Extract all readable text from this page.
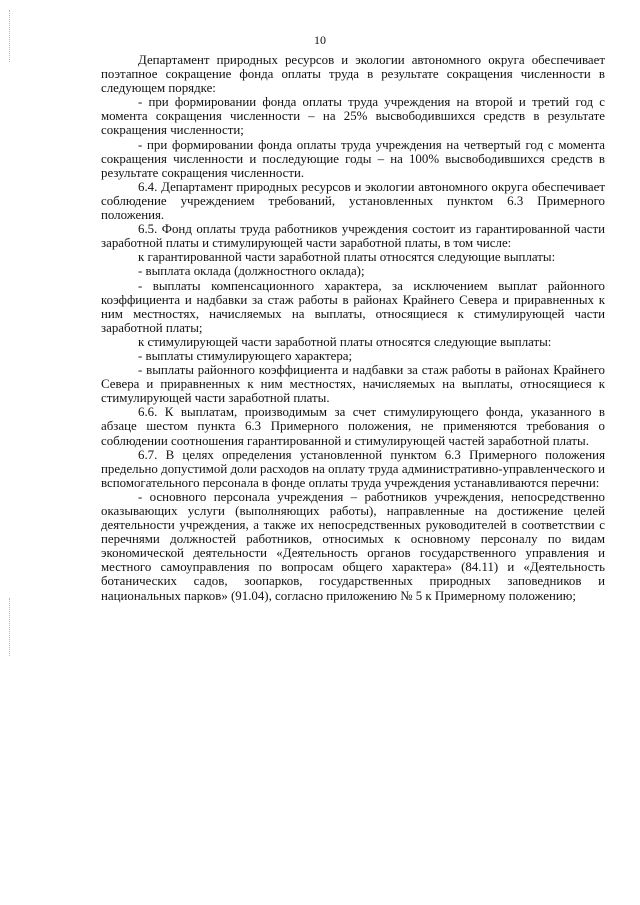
10

Департамент природных ресурсов и экологии автономного округа обеспечивает поэтапное сокращение фонда оплаты труда в результате сокращения численности в следующем порядке:

- при формировании фонда оплаты труда учреждения на второй и третий год с момента сокращения численности – на 25% высвободившихся средств в результате сокращения численности;

- при формировании фонда оплаты труда учреждения на четвертый год с момента сокращения численности и последующие годы – на 100% высвободившихся средств в результате сокращения численности.

6.4. Департамент природных ресурсов и экологии автономного округа обеспечивает соблюдение учреждением требований, установленных пунктом 6.3 Примерного положения.

6.5. Фонд оплаты труда работников учреждения состоит из гарантированной части заработной платы и стимулирующей части заработной платы, в том числе:

к гарантированной части заработной платы относятся следующие выплаты:

- выплата оклада (должностного оклада);

- выплаты компенсационного характера, за исключением выплат районного коэффициента и надбавки за стаж работы в районах Крайнего Севера и приравненных к ним местностях, начисляемых на выплаты, относящиеся к стимулирующей части заработной платы;

к стимулирующей части заработной платы относятся следующие выплаты:

- выплаты стимулирующего характера;

- выплаты районного коэффициента и надбавки за стаж работы в районах Крайнего Севера и приравненных к ним местностях, начисляемых на выплаты, относящиеся к стимулирующей части заработной платы.

6.6. К выплатам, производимым за счет стимулирующего фонда, указанного в абзаце шестом пункта 6.3 Примерного положения, не применяются требования о соблюдении соотношения гарантированной и стимулирующей частей заработной платы.

6.7. В целях определения установленной пунктом 6.3 Примерного положения предельно допустимой доли расходов на оплату труда административно-управленческого и вспомогательного персонала в фонде оплаты труда учреждения устанавливаются перечни:

- основного персонала учреждения – работников учреждения, непосредственно оказывающих услуги (выполняющих работы), направленные на достижение целей деятельности учреждения, а также их непосредственных руководителей в соответствии с перечнями должностей работников, относимых к основному персоналу по видам экономической деятельности «Деятельность органов государственного управления и местного самоуправления по вопросам общего характера» (84.11) и «Деятельность ботанических садов, зоопарков, государственных природных заповедников и национальных парков» (91.04), согласно приложению № 5 к Примерному положению;
